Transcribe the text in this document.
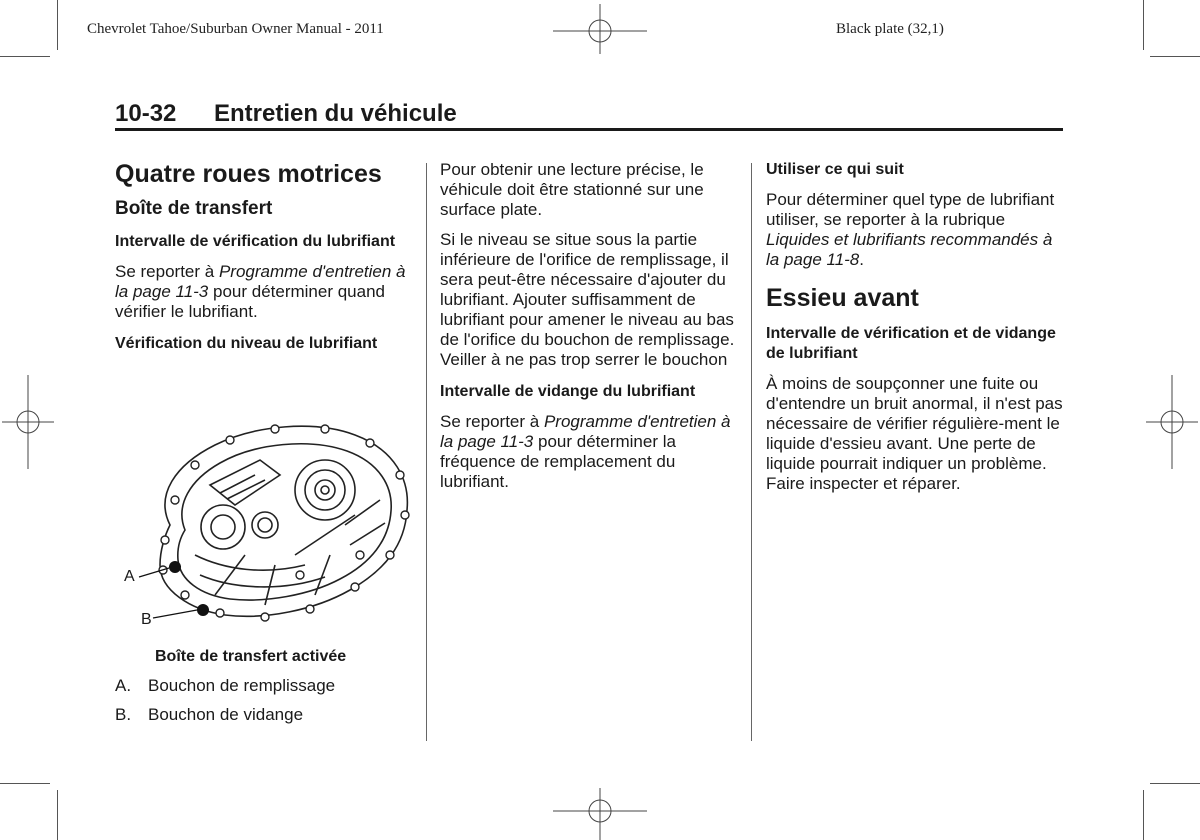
Chevrolet Tahoe/Suburban Owner Manual - 2011	Black plate (32,1)
10-32 Entretien du véhicule

Quatre roues motrices

Boîte de transfert

Intervalle de vérification du lubrifiant

Se reporter à Programme d'entretien à la page 11-3 pour déterminer quand vérifier le lubrifiant.

Vérification du niveau de lubrifiant

A
B
Boîte de transfert activée
A. Bouchon de remplissage
B. Bouchon de vidange

Pour obtenir une lecture précise, le véhicule doit être stationné sur une surface plate.

Si le niveau se situe sous la partie inférieure de l'orifice de remplissage, il sera peut-être nécessaire d'ajouter du lubrifiant. Ajouter suffisamment de lubrifiant pour amener le niveau au bas de l'orifice du bouchon de remplissage. Veiller à ne pas trop serrer le bouchon

Intervalle de vidange du lubrifiant

Se reporter à Programme d'entretien à la page 11-3 pour déterminer la fréquence de remplacement du lubrifiant.

Utiliser ce qui suit

Pour déterminer quel type de lubrifiant utiliser, se reporter à la rubrique Liquides et lubrifiants recommandés à la page 11-8.

Essieu avant

Intervalle de vérification et de vidange de lubrifiant

À moins de soupçonner une fuite ou d'entendre un bruit anormal, il n'est pas nécessaire de vérifier régulière-ment le liquide d'essieu avant. Une perte de liquide pourrait indiquer un problème. Faire inspecter et réparer.
